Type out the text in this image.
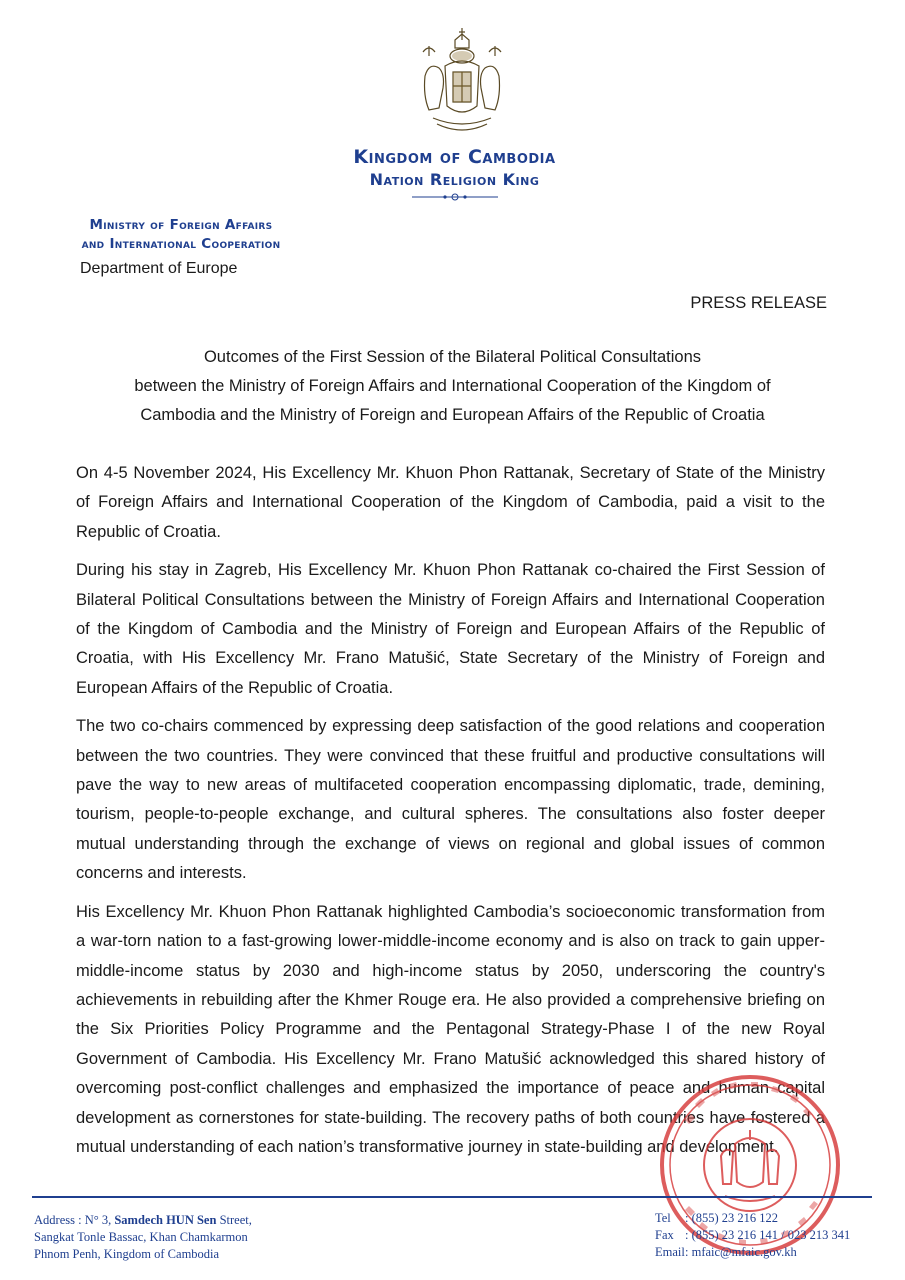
Kingdom of Cambodia
Nation Religion King
Ministry of Foreign Affairs
and International Cooperation
Department of Europe
PRESS RELEASE
Outcomes of the First Session of the Bilateral Political Consultations
between the Ministry of Foreign Affairs and International Cooperation of the Kingdom of
Cambodia and the Ministry of Foreign and European Affairs of the Republic of Croatia

On 4-5 November 2024, His Excellency Mr. Khuon Phon Rattanak, Secretary of State of the Ministry of Foreign Affairs and International Cooperation of the Kingdom of Cambodia, paid a visit to the Republic of Croatia.

During his stay in Zagreb, His Excellency Mr. Khuon Phon Rattanak co-chaired the First Session of Bilateral Political Consultations between the Ministry of Foreign Affairs and International Cooperation of the Kingdom of Cambodia and the Ministry of Foreign and European Affairs of the Republic of Croatia, with His Excellency Mr. Frano Matušić, State Secretary of the Ministry of Foreign and European Affairs of the Republic of Croatia.

The two co-chairs commenced by expressing deep satisfaction of the good relations and cooperation between the two countries. They were convinced that these fruitful and productive consultations will pave the way to new areas of multifaceted cooperation encompassing diplomatic, trade, demining, tourism, people-to-people exchange, and cultural spheres. The consultations also foster deeper mutual understanding through the exchange of views on regional and global issues of common concerns and interests.

His Excellency Mr. Khuon Phon Rattanak highlighted Cambodia’s socioeconomic transformation from a war-torn nation to a fast-growing lower-middle-income economy and is also on track to gain upper-middle-income status by 2030 and high-income status by 2050, underscoring the country's achievements in rebuilding after the Khmer Rouge era. He also provided a comprehensive briefing on the Six Priorities Policy Programme and the Pentagonal Strategy-Phase I of the new Royal Government of Cambodia. His Excellency Mr. Frano Matušić acknowledged this shared history of overcoming post-conflict challenges and emphasized the importance of peace and human capital development as cornerstones for state-building. The recovery paths of both countries have fostered a mutual understanding of each nation’s transformative journey in state-building and development.

Address : N° 3, Samdech HUN Sen Street,
Sangkat Tonle Bassac, Khan Chamkarmon
Phnom Penh, Kingdom of Cambodia
Tel : (855) 23 216 122
Fax : (855) 23 216 141 / 023 213 341
Email: mfaic@mfaic.gov.kh
